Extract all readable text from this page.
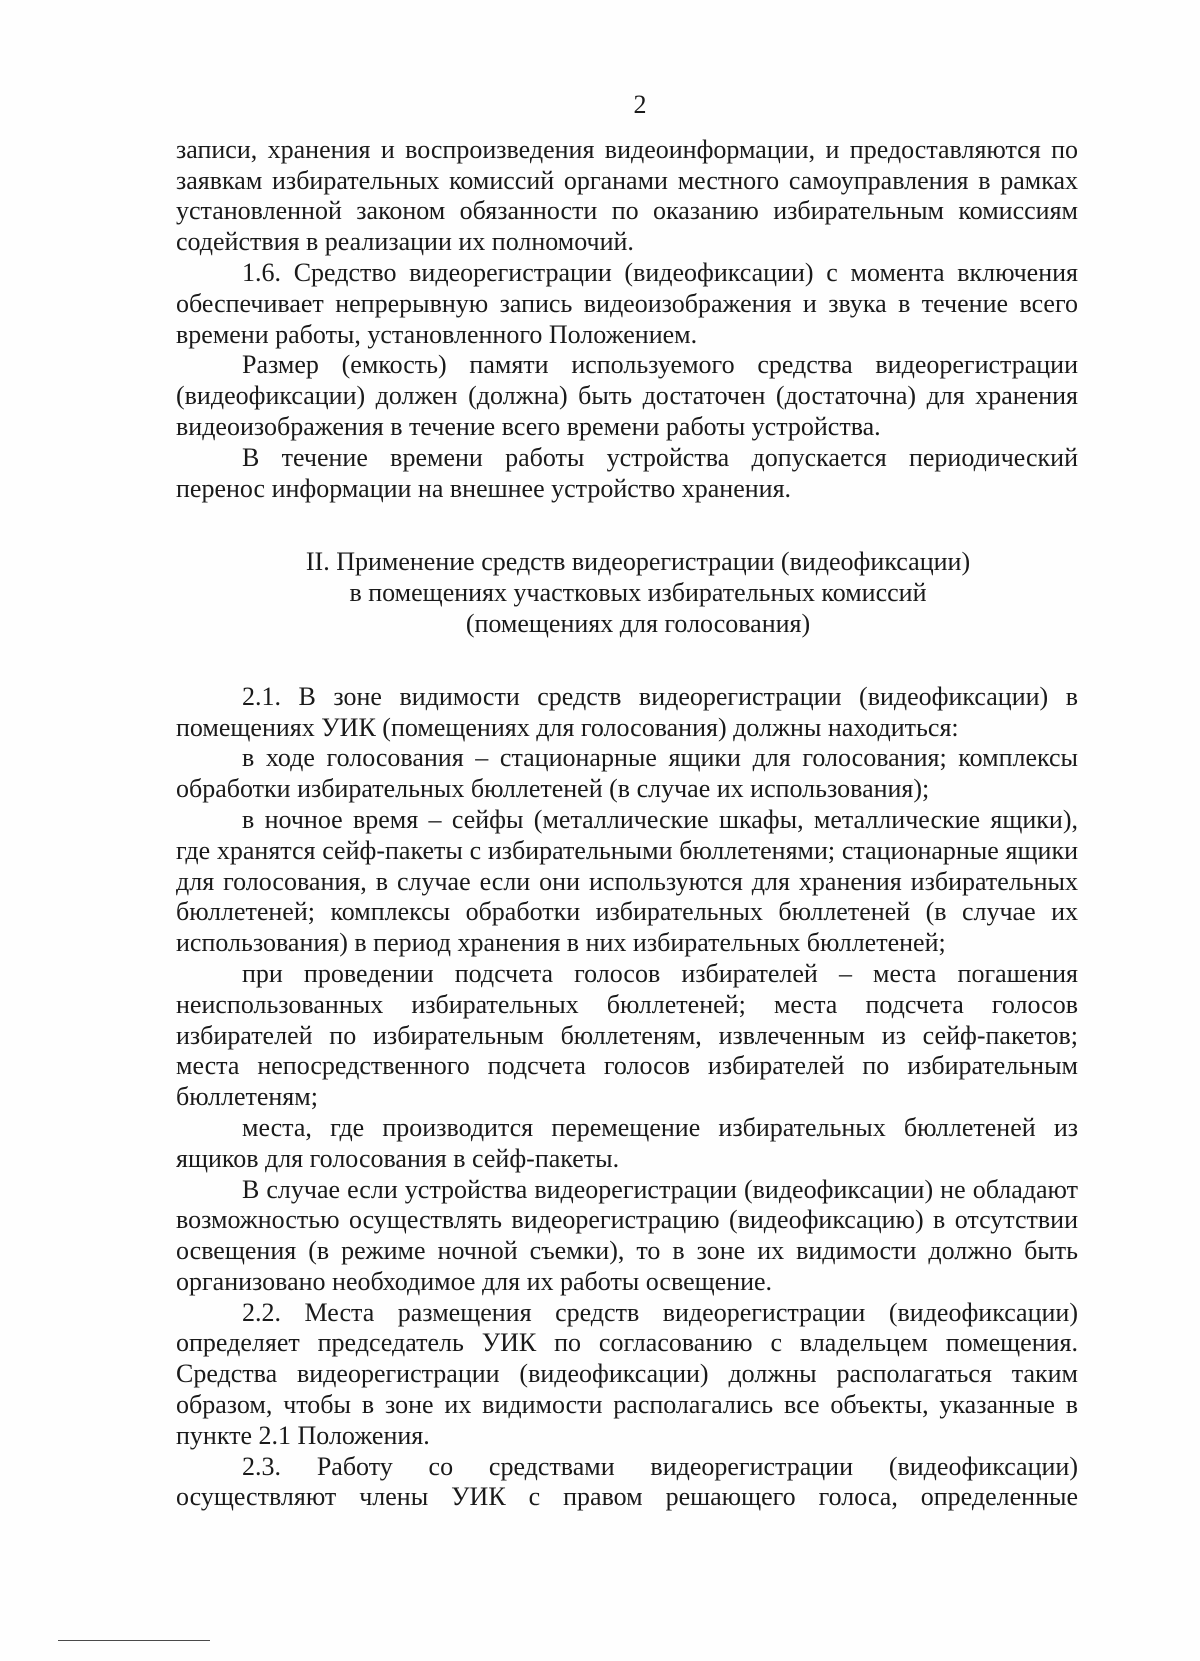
2

записи, хранения и воспроизведения видеоинформации, и предоставляются по заявкам избирательных комиссий органами местного самоуправления в рамках установленной законом обязанности по оказанию избирательным комиссиям содействия в реализации их полномочий.

1.6. Средство видеорегистрации (видеофиксации) с момента включения обеспечивает непрерывную запись видеоизображения и звука в течение всего времени работы, установленного Положением.

Размер (емкость) памяти используемого средства видеорегистрации (видеофиксации) должен (должна) быть достаточен (достаточна) для хранения видеоизображения в течение всего времени работы устройства.

В течение времени работы устройства допускается периодический перенос информации на внешнее устройство хранения.

II. Применение средств видеорегистрации (видеофиксации)
в помещениях участковых избирательных комиссий
(помещениях для голосования)

2.1. В зоне видимости средств видеорегистрации (видеофиксации) в помещениях УИК (помещениях для голосования) должны находиться:

в ходе голосования – стационарные ящики для голосования; комплексы обработки избирательных бюллетеней (в случае их использования);

в ночное время – сейфы (металлические шкафы, металлические ящики), где хранятся сейф-пакеты с избирательными бюллетенями; стационарные ящики для голосования, в случае если они используются для хранения избирательных бюллетеней; комплексы обработки избирательных бюллетеней (в случае их использования) в период хранения в них избирательных бюллетеней;

при проведении подсчета голосов избирателей – места погашения неиспользованных избирательных бюллетеней; места подсчета голосов избирателей по избирательным бюллетеням, извлеченным из сейф-пакетов; места непосредственного подсчета голосов избирателей по избирательным бюллетеням;

места, где производится перемещение избирательных бюллетеней из ящиков для голосования в сейф-пакеты.

В случае если устройства видеорегистрации (видеофиксации) не обладают возможностью осуществлять видеорегистрацию (видеофиксацию) в отсутствии освещения (в режиме ночной съемки), то в зоне их видимости должно быть организовано необходимое для их работы освещение.

2.2. Места размещения средств видеорегистрации (видеофиксации) определяет председатель УИК по согласованию с владельцем помещения. Средства видеорегистрации (видеофиксации) должны располагаться таким образом, чтобы в зоне их видимости располагались все объекты, указанные в пункте 2.1 Положения.

2.3. Работу со средствами видеорегистрации (видеофиксации) осуществляют члены УИК с правом решающего голоса, определенные
